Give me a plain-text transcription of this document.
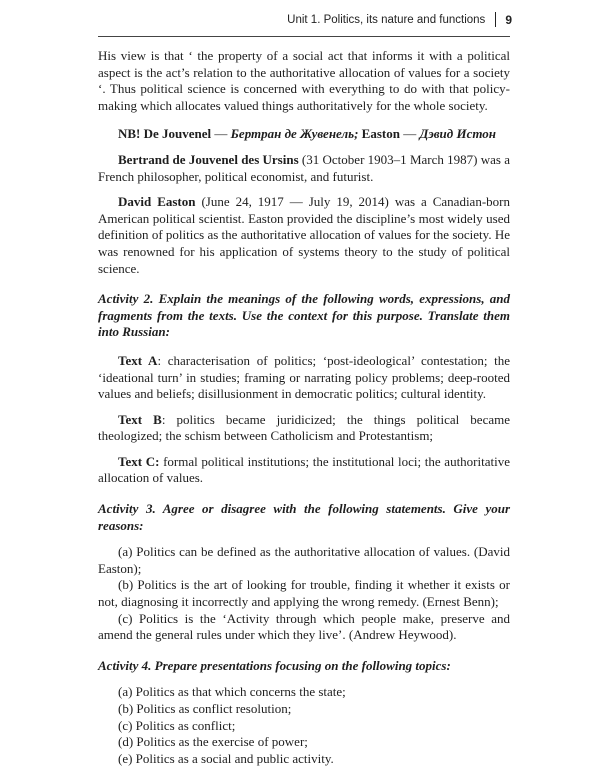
Unit 1. Politics, its nature and functions 9

His view is that ‘ the property of a social act that informs it with a political aspect is the act’s relation to the authoritative allocation of values for a society ‘. Thus political science is concerned with everything to do with that policy-making which allocates valued things authoritatively for the whole society.

NB! De Jouvenel — Бертран де Жувенель; Easton — Дэвид Истон

Bertrand de Jouvenel des Ursins (31 October 1903–1 March 1987) was a French philosopher, political economist, and futurist.

David Easton (June 24, 1917 — July 19, 2014) was a Canadian-born American political scientist. Easton provided the discipline’s most widely used definition of politics as the authoritative allocation of values for the society. He was renowned for his application of systems theory to the study of political science.

Activity 2. Explain the meanings of the following words, expressions, and fragments from the texts. Use the context for this purpose. Translate them into Russian:

Text A: characterisation of politics; ‘post-ideological’ contestation; the ‘ideational turn’ in studies; framing or narrating policy problems; deep-rooted values and beliefs; disillusionment in democratic politics; cultural identity.

Text B: politics became juridicized; the things political became theologized; the schism between Catholicism and Protestantism;

Text C: formal political institutions; the institutional loci; the authoritative allocation of values.

Activity 3. Agree or disagree with the following statements. Give your reasons:

(a) Politics can be defined as the authoritative allocation of values. (David Easton);

(b) Politics is the art of looking for trouble, finding it whether it exists or not, diagnosing it incorrectly and applying the wrong remedy. (Ernest Benn);

(c) Politics is the ‘Activity through which people make, preserve and amend the general rules under which they live’. (Andrew Heywood).

Activity 4. Prepare presentations focusing on the following topics:

(a) Politics as that which concerns the state;

(b) Politics as conflict resolution;

(c) Politics as conflict;

(d) Politics as the exercise of power;

(e) Politics as a social and public activity.
